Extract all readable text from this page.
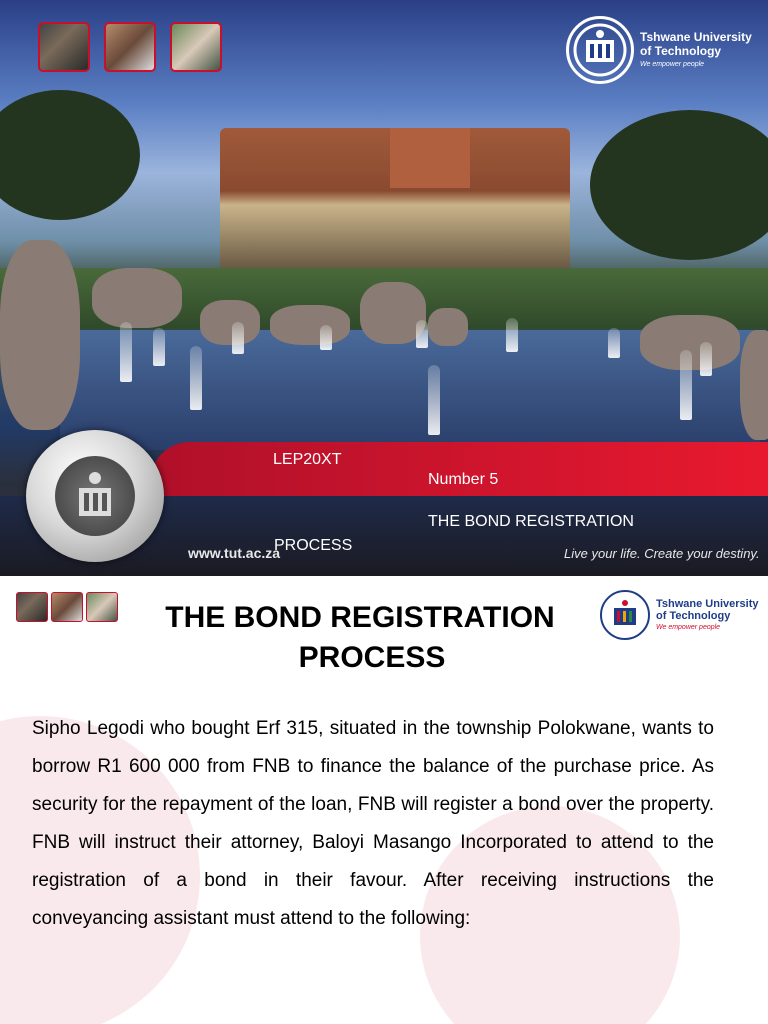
Tshwane University
of Technology
We empower people
LEP20XT
Number 5
THE BOND REGISTRATION
www.tut.ac.za
PROCESS	Live your life. Create your destiny.
THE BOND REGISTRATION
PROCESS
Tshwane University
of Technology
We empower people
Sipho Legodi who bought Erf 315, situated in the township Polokwane, wants to borrow R1 600 000 from FNB to finance the balance of the purchase price. As security for the repayment of the loan, FNB will register a bond over the property. FNB will instruct their attorney, Baloyi Masango Incorporated to attend to the registration of a bond in their favour. After receiving instructions the conveyancing assistant must attend to the following:
